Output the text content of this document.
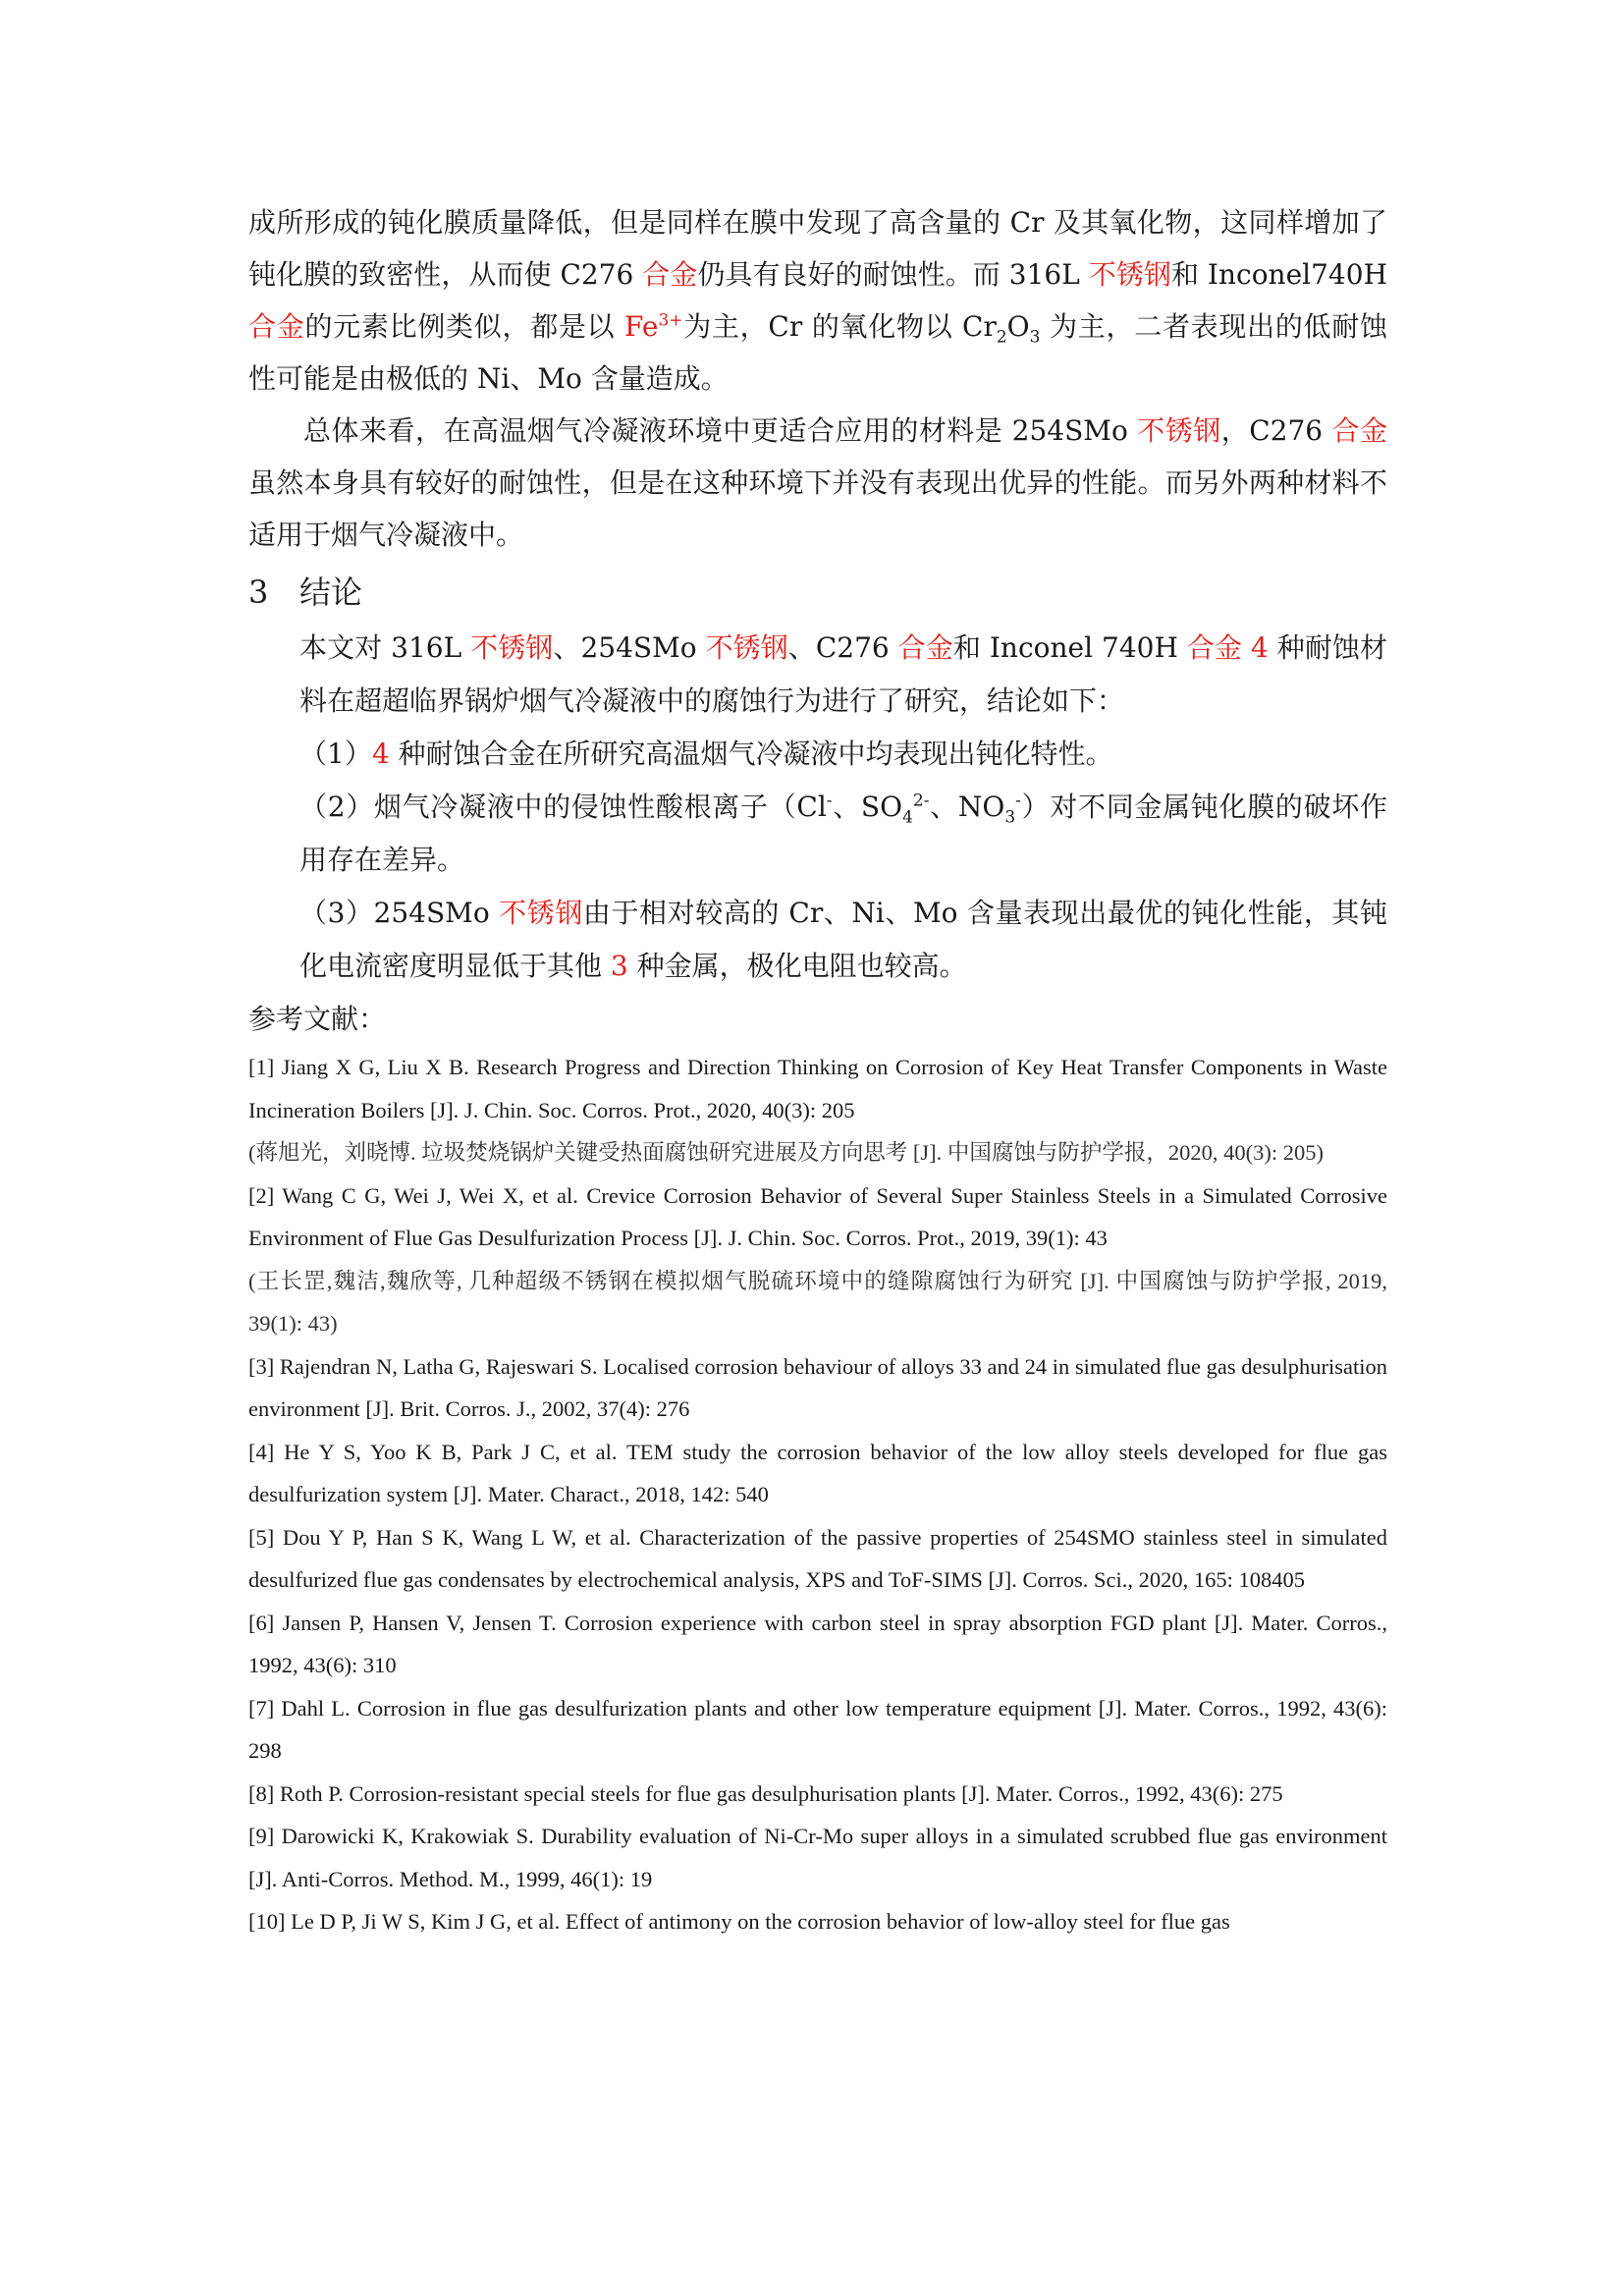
成所形成的钝化膜质量降低，但是同样在膜中发现了高含量的 Cr 及其氧化物，这同样增加了钝化膜的致密性，从而使 C276 合金仍具有良好的耐蚀性。而 316L 不锈钢和 Inconel740H 合金的元素比例类似，都是以 $Fe^{3+}$为主，Cr 的氧化物以 $Cr_2O_3$ 为主，二者表现出的低耐蚀性可能是由极低的 Ni、Mo 含量造成。

总体来看，在高温烟气冷凝液环境中更适合应用的材料是 254SMo 不锈钢，C276 合金虽然本身具有较好的耐蚀性，但是在这种环境下并没有表现出优异的性能。而另外两种材料不适用于烟气冷凝液中。

3 结论

本文对 316L 不锈钢、254SMo 不锈钢、C276 合金和 Inconel 740H 合金 4 种耐蚀材料在超超临界锅炉烟气冷凝液中的腐蚀行为进行了研究，结论如下：

（1）4 种耐蚀合金在所研究高温烟气冷凝液中均表现出钝化特性。

（2）烟气冷凝液中的侵蚀性酸根离子（Cl-、$SO_4^{2-}$、$NO_3^-$）对不同金属钝化膜的破坏作用存在差异。

（3）254SMo 不锈钢由于相对较高的 Cr、Ni、Mo 含量表现出最优的钝化性能，其钝化电流密度明显低于其他 3 种金属，极化电阻也较高。

参考文献：

[1] Jiang X G, Liu X B. Research Progress and Direction Thinking on Corrosion of Key Heat Transfer Components in Waste Incineration Boilers [J]. J. Chin. Soc. Corros. Prot., 2020, 40(3): 205

(蒋旭光，刘晓博. 垃圾焚烧锅炉关键受热面腐蚀研究进展及方向思考 [J]. 中国腐蚀与防护学报，2020, 40(3): 205)

[2] Wang C G, Wei J, Wei X, et al. Crevice Corrosion Behavior of Several Super Stainless Steels in a Simulated Corrosive Environment of Flue Gas Desulfurization Process [J]. J. Chin. Soc. Corros. Prot., 2019, 39(1): 43

(王长罡,魏洁,魏欣等, 几种超级不锈钢在模拟烟气脱硫环境中的缝隙腐蚀行为研究 [J]. 中国腐蚀与防护学报, 2019, 39(1): 43)

[3] Rajendran N, Latha G, Rajeswari S. Localised corrosion behaviour of alloys 33 and 24 in simulated flue gas desulphurisation environment [J]. Brit. Corros. J., 2002, 37(4): 276

[4] He Y S, Yoo K B, Park J C, et al. TEM study the corrosion behavior of the low alloy steels developed for flue gas desulfurization system [J]. Mater. Charact., 2018, 142: 540

[5] Dou Y P, Han S K, Wang L W, et al. Characterization of the passive properties of 254SMO stainless steel in simulated desulfurized flue gas condensates by electrochemical analysis, XPS and ToF-SIMS [J]. Corros. Sci., 2020, 165: 108405

[6] Jansen P, Hansen V, Jensen T. Corrosion experience with carbon steel in spray absorption FGD plant [J]. Mater. Corros., 1992, 43(6): 310

[7] Dahl L. Corrosion in flue gas desulfurization plants and other low temperature equipment [J]. Mater. Corros., 1992, 43(6): 298

[8] Roth P. Corrosion-resistant special steels for flue gas desulphurisation plants [J]. Mater. Corros., 1992, 43(6): 275

[9] Darowicki K, Krakowiak S. Durability evaluation of Ni-Cr-Mo super alloys in a simulated scrubbed flue gas environment [J]. Anti-Corros. Method. M., 1999, 46(1): 19

[10] Le D P, Ji W S, Kim J G, et al. Effect of antimony on the corrosion behavior of low-alloy steel for flue gas
